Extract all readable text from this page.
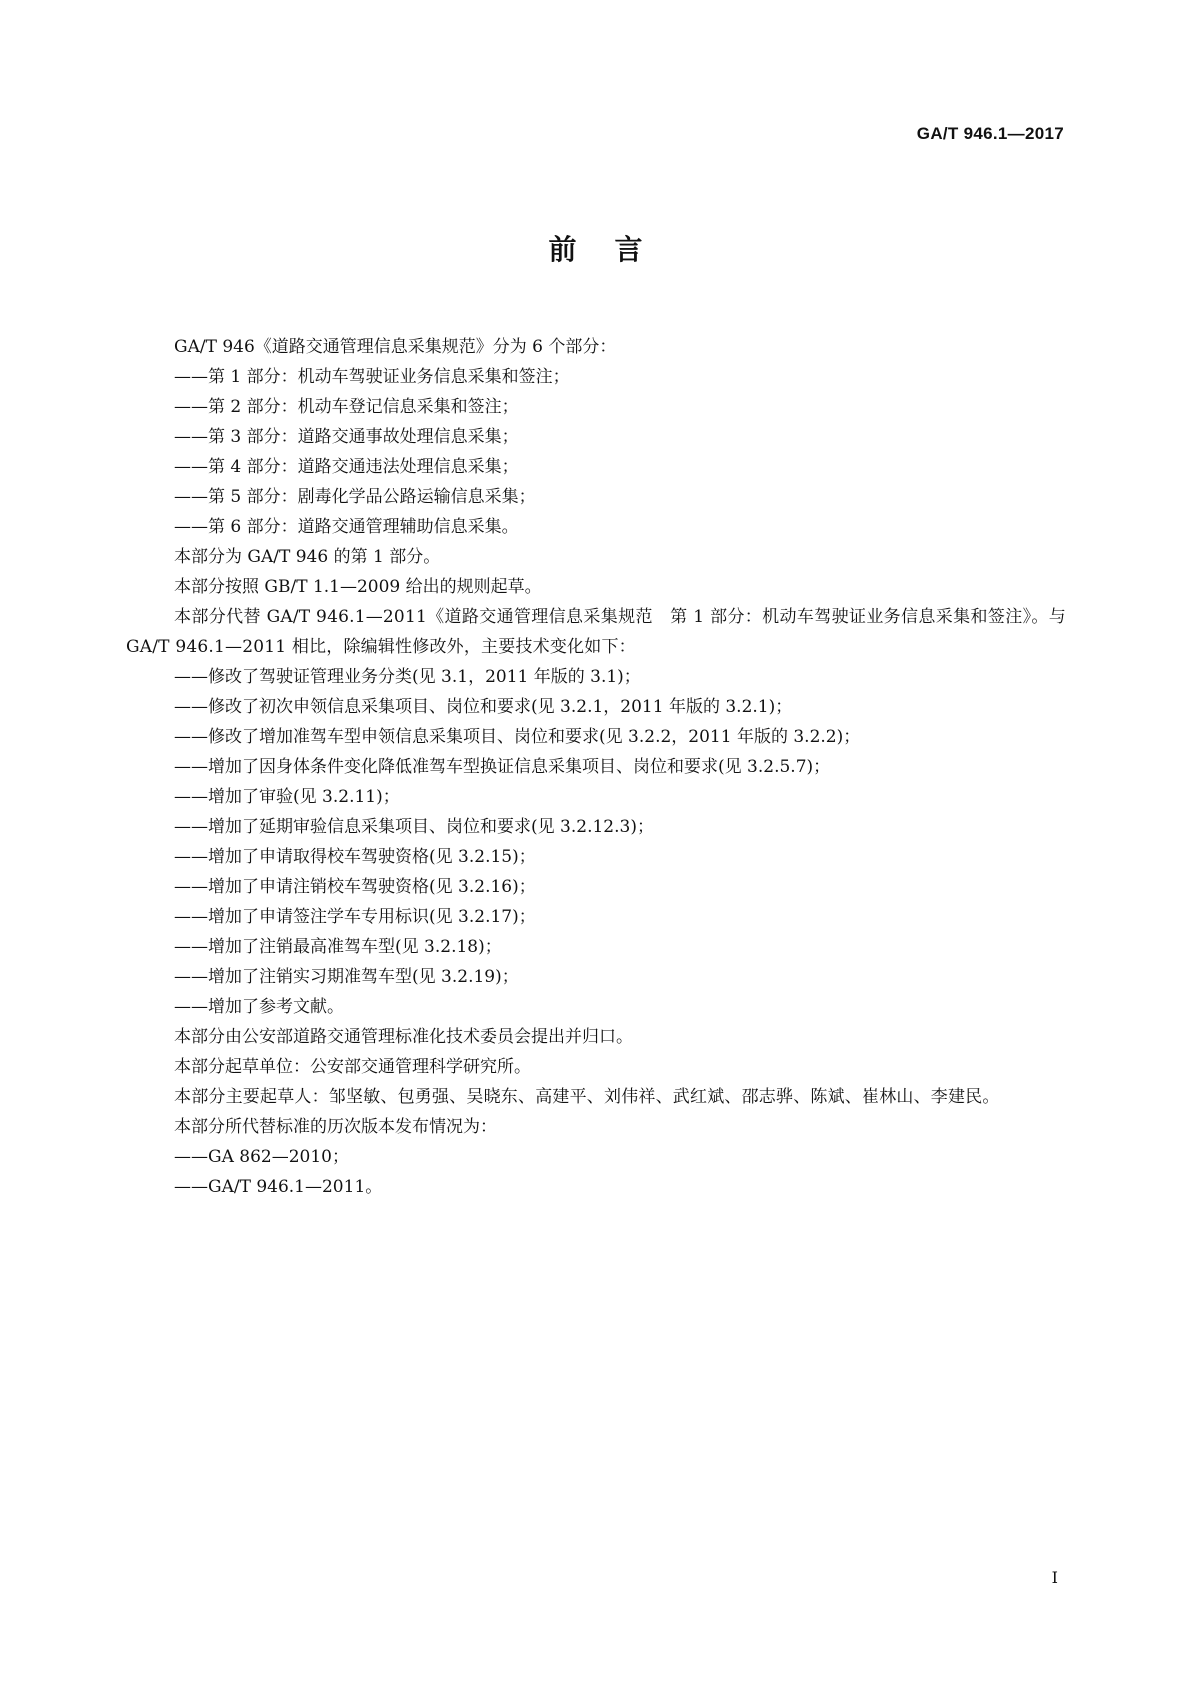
GA/T 946.1—2017
前言

GA/T 946《道路交通管理信息采集规范》分为 6 个部分：

——第 1 部分：机动车驾驶证业务信息采集和签注；

——第 2 部分：机动车登记信息采集和签注；

——第 3 部分：道路交通事故处理信息采集；

——第 4 部分：道路交通违法处理信息采集；

——第 5 部分：剧毒化学品公路运输信息采集；

——第 6 部分：道路交通管理辅助信息采集。

本部分为 GA/T 946 的第 1 部分。

本部分按照 GB/T 1.1—2009 给出的规则起草。

本部分代替 GA/T 946.1—2011《道路交通管理信息采集规范　第 1 部分：机动车驾驶证业务信息采集和签注》。与 GA/T 946.1—2011 相比，除编辑性修改外，主要技术变化如下：

——修改了驾驶证管理业务分类(见 3.1，2011 年版的 3.1)；

——修改了初次申领信息采集项目、岗位和要求(见 3.2.1，2011 年版的 3.2.1)；

——修改了增加准驾车型申领信息采集项目、岗位和要求(见 3.2.2，2011 年版的 3.2.2)；

——增加了因身体条件变化降低准驾车型换证信息采集项目、岗位和要求(见 3.2.5.7)；

——增加了审验(见 3.2.11)；

——增加了延期审验信息采集项目、岗位和要求(见 3.2.12.3)；

——增加了申请取得校车驾驶资格(见 3.2.15)；

——增加了申请注销校车驾驶资格(见 3.2.16)；

——增加了申请签注学车专用标识(见 3.2.17)；

——增加了注销最高准驾车型(见 3.2.18)；

——增加了注销实习期准驾车型(见 3.2.19)；

——增加了参考文献。

本部分由公安部道路交通管理标准化技术委员会提出并归口。

本部分起草单位：公安部交通管理科学研究所。

本部分主要起草人：邹坚敏、包勇强、吴晓东、高建平、刘伟祥、武红斌、邵志骅、陈斌、崔林山、李建民。

本部分所代替标准的历次版本发布情况为：

——GA 862—2010；

——GA/T 946.1—2011。

I
